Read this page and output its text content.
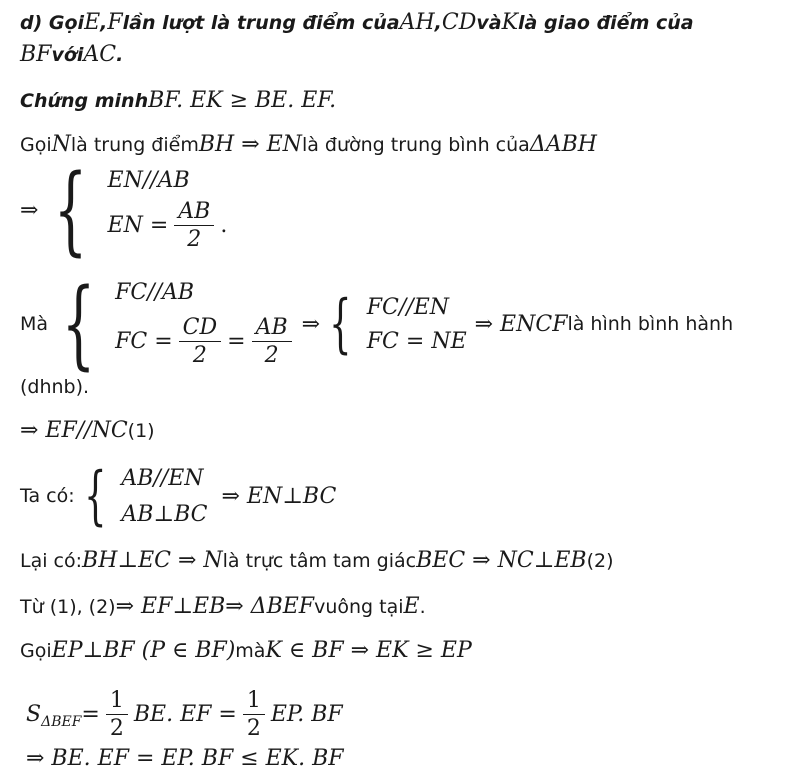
d) Gọi E , F lần lượt là trung điểm của AH , CD và K là giao điểm của
BF với AC .
Chứng minh BF. EK ≥ BE. EF.
Gọi N là trung điểm BH ⇒ EN là đường trung bình của ΔABH
⇒ { EN//AB
EN = $\frac{AB}{2}$ .
Mà { FC//AB
FC = $\frac{CD}{2} = \frac{AB}{2}$ ⇒ { FC//EN
FC = NE
⇒ ENCF là hình bình hành
(dhnb).
⇒ EF//NC (1)
Ta có: { AB//EN
AB⊥BC
⇒ EN⊥BC
Lại có: BH⊥EC ⇒ N là trực tâm tam giác BEC ⇒ NC⊥EB (2)
Từ (1), (2) ⇒ EF⊥EB⇒ ΔBEF vuông tại E .
Gọi EP⊥BF (P ∈ BF) mà K ∈ BF ⇒ EK ≥ EP
S $\Delta BEF = \frac{1}{2}$ BE. EF = $\frac{1}{2}$ EP. BF
⇒ BE. EF = EP. BF ≤ EK. BF
